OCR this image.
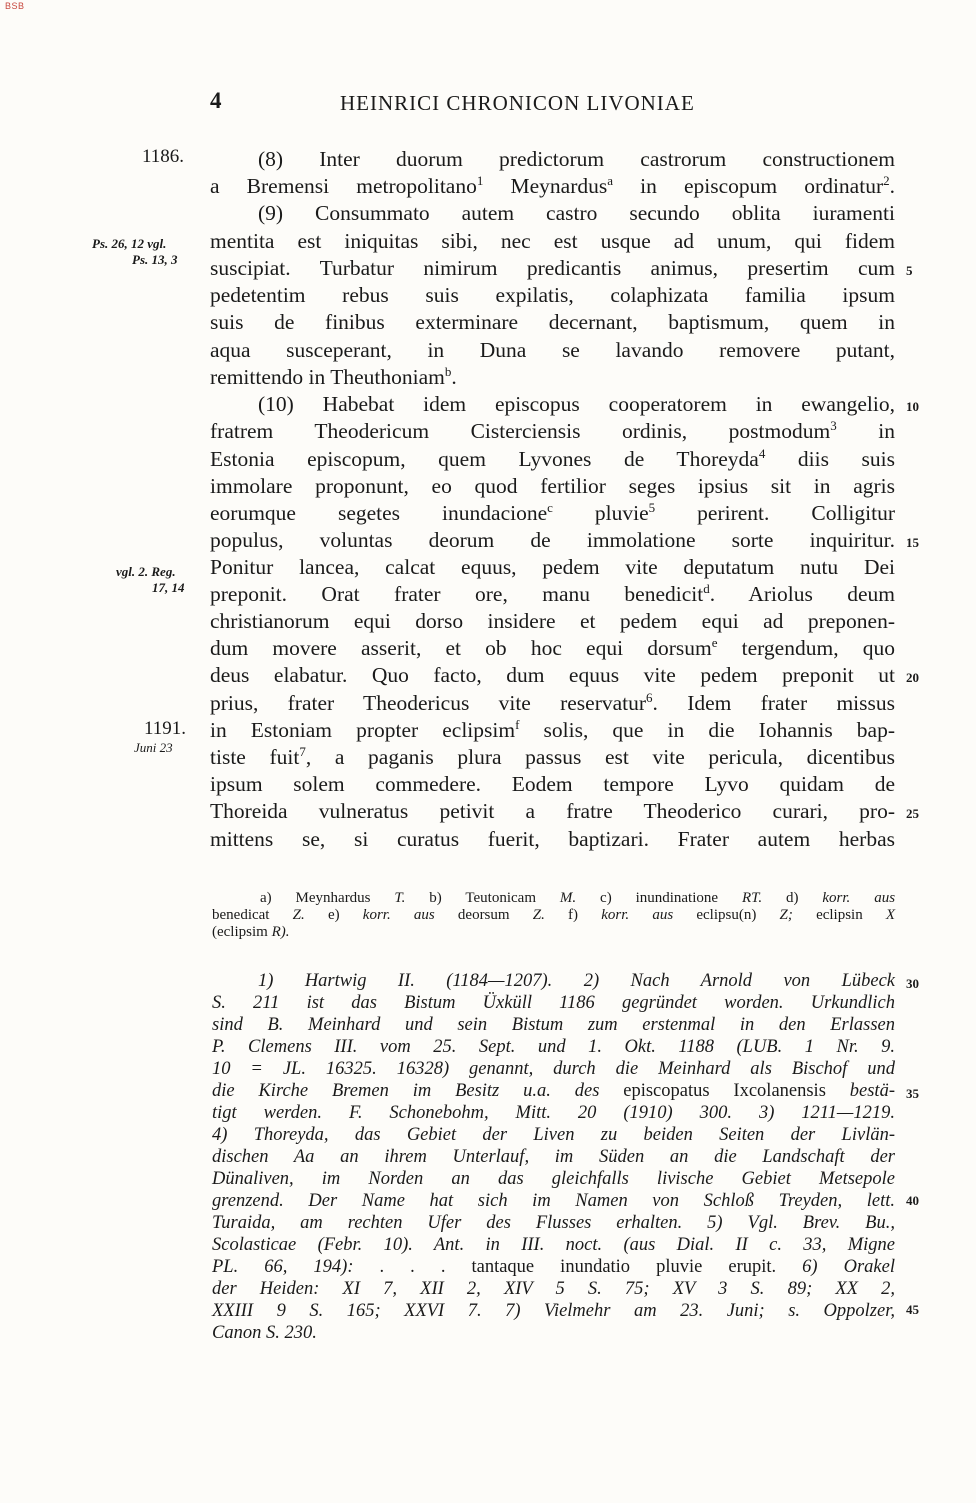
BSB
4	HEINRICI CHRONICON LIVONIAE
1186.
Ps. 26, 12 vgl.
Ps. 13, 3
vgl. 2. Reg.
17, 14
1191.
Juni 23
5
10
15
20
25
30
35
40
45
(8) Inter duorum predictorum castrorum constructionem
a Bremensi metropolitano$^1$ Meynardus$^a$ in episcopum ordinatur$^2$.
(9) Consummato autem castro secundo oblita iuramenti
mentita est iniquitas sibi, nec est usque ad unum, qui fidem
suscipiat. Turbatur nimirum predicantis animus, presertim cum
pedetentim rebus suis expilatis, colaphizata familia ipsum
suis de finibus exterminare decernant, baptismum, quem in
aqua susceperant, in Duna se lavando removere putant,
remittendo in Theuthoniam$^b$.
(10) Habebat idem episcopus cooperatorem in ewangelio,
fratrem Theodericum Cisterciensis ordinis, postmodum$^3$ in
Estonia episcopum, quem Lyvones de Thoreyda$^4$ diis suis
immolare proponunt, eo quod fertilior seges ipsius sit in agris
eorumque segetes inundacione$^c$ pluvie$^5$ perirent. Colligitur
populus, voluntas deorum de immolatione sorte inquiritur.
Ponitur lancea, calcat equus, pedem vite deputatum nutu Dei
preponit. Orat frater ore, manu benedicit$^d$. Ariolus deum
christianorum equi dorso insidere et pedem equi ad preponen-
dum movere asserit, et ob hoc equi dorsum$^e$ tergendum, quo
deus elabatur. Quo facto, dum equus vite pedem preponit ut
prius, frater Theodericus vite reservatur$^6$. Idem frater missus
in Estoniam propter eclipsim$^f$ solis, que in die Iohannis bap-
tiste fuit$^7$, a paganis plura passus est vite pericula, dicentibus
ipsum solem commedere. Eodem tempore Lyvo quidam de
Thoreida vulneratus petivit a fratre Theoderico curari, pro-
mittens se, si curatus fuerit, baptizari. Frater autem herbas
a) Meynhardus T. b) Teutonicam M. c) inundinatione RT. d) korr. aus
benedicat Z. e) korr. aus deorsum Z. f) korr. aus eclipsu(n) Z; eclipsin X
(eclipsim R).
1) Hartwig II. (1184—1207). 2) Nach Arnold von Lübeck
S. 211 ist das Bistum Üxküll 1186 gegründet worden. Urkundlich
sind B. Meinhard und sein Bistum zum erstenmal in den Erlassen
P. Clemens III. vom 25. Sept. und 1. Okt. 1188 (LUB. 1 Nr. 9.
10 = JL. 16325. 16328) genannt, durch die Meinhard als Bischof und
die Kirche Bremen im Besitz u.a. des episcopatus Ixcolanensis bestä-
tigt werden. F. Schonebohm, Mitt. 20 (1910) 300. 3) 1211—1219.
4) Thoreyda, das Gebiet der Liven zu beiden Seiten der Livlän-
dischen Aa an ihrem Unterlauf, im Süden an die Landschaft der
Dünaliven, im Norden an das gleichfalls livische Gebiet Metsepole
grenzend. Der Name hat sich im Namen von Schloß Treyden, lett.
Turaida, am rechten Ufer des Flusses erhalten. 5) Vgl. Brev. Bu.,
Scolasticae (Febr. 10). Ant. in III. noct. (aus Dial. II c. 33, Migne
PL. 66, 194): . . . tantaque inundatio pluvie erupit. 6) Orakel
der Heiden: XI 7, XII 2, XIV 5 S. 75; XV 3 S. 89; XX 2,
XXIII 9 S. 165; XXVI 7. 7) Vielmehr am 23. Juni; s. Oppolzer,
Canon S. 230.
